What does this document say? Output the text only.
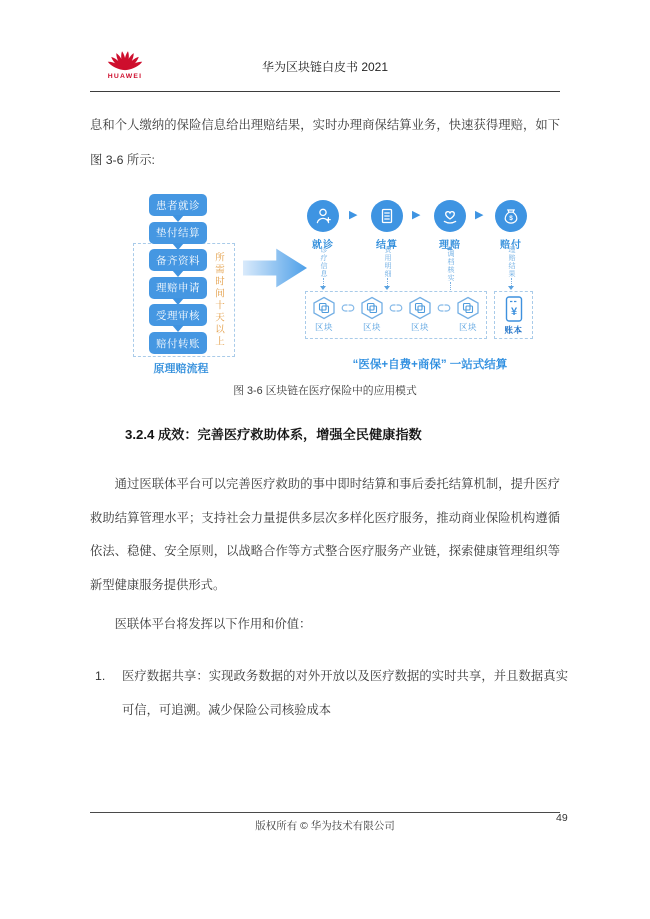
HUAWEI
华为区块链白皮书 2021
息和个人缴纳的保险信息给出理赔结果，实时办理商保结算业务，快速获得理赔，如下图 3-6 所示:
患者就诊
垫付结算
备齐资料
理赔申请
受理审核
赔付转账	所需时间十天以上
原理赔流程
就诊
诊疗信息
▶
结算
费用明细
▶
理赔
调档核实
▶	$
赔付
理赔结果
区块	区块	区块	区块
¥
账本
“医保+自费+商保” 一站式结算
图 3-6 区块链在医疗保险中的应用模式
3.2.4 成效：完善医疗救助体系，增强全民健康指数
通过医联体平台可以完善医疗救助的事中即时结算和事后委托结算机制，提升医疗救助结算管理水平；支持社会力量提供多层次多样化医疗服务，推动商业保险机构遵循依法、稳健、安全原则，以战略合作等方式整合医疗服务产业链，探索健康管理组织等新型健康服务提供形式。
医联体平台将发挥以下作用和价值：
1.	医疗数据共享：实现政务数据的对外开放以及医疗数据的实时共享，并且数据真实可信，可追溯。减少保险公司核验成本
版权所有 © 华为技术有限公司
49
